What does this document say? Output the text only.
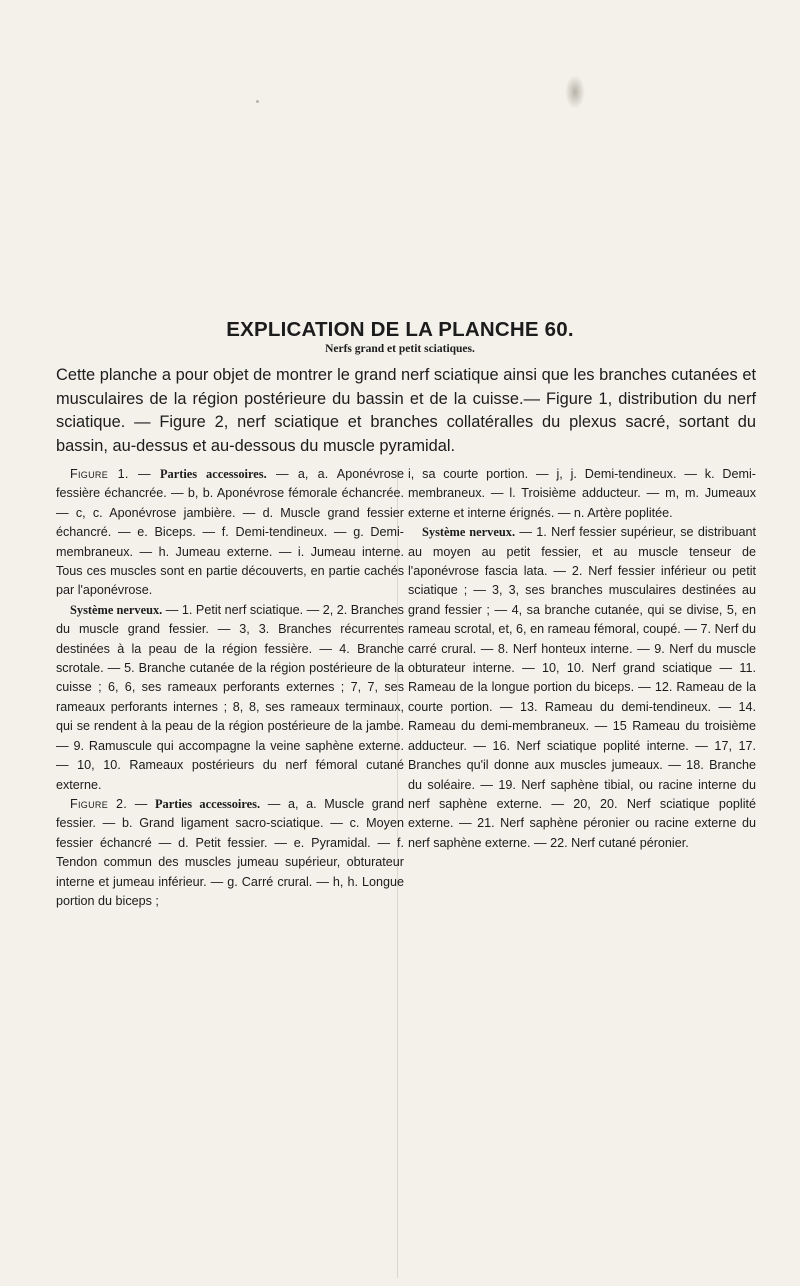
EXPLICATION DE LA PLANCHE 60.
Nerfs grand et petit sciatiques.

Cette planche a pour objet de montrer le grand nerf sciatique ainsi que les branches cutanées et musculaires de la région postérieure du bassin et de la cuisse.— Figure 1, distribution du nerf sciatique. — Figure 2, nerf sciatique et branches collatéralles du plexus sacré, sortant du bassin, au-dessus et au-dessous du muscle pyramidal.

Figure 1. — Parties accessoires. — a, a. Aponévrose fessière échancrée. — b, b. Aponévrose fémorale échancrée. — c, c. Aponévrose jambière. — d. Muscle grand fessier échancré. — e. Biceps. — f. Demi-tendineux. — g. Demi-membraneux. — h. Jumeau externe. — i. Jumeau interne. Tous ces muscles sont en partie découverts, en partie cachés par l'aponévrose.

Système nerveux. — 1. Petit nerf sciatique. — 2, 2. Branches du muscle grand fessier. — 3, 3. Branches récurrentes destinées à la peau de la région fessière. — 4. Branche scrotale. — 5. Branche cutanée de la région postérieure de la cuisse ; 6, 6, ses rameaux perforants externes ; 7, 7, ses rameaux perforants internes ; 8, 8, ses rameaux terminaux, qui se rendent à la peau de la région postérieure de la jambe. — 9. Ramuscule qui accompagne la veine saphène externe. — 10, 10. Rameaux postérieurs du nerf fémoral cutané externe.

Figure 2. — Parties accessoires. — a, a. Muscle grand fessier. — b. Grand ligament sacro-sciatique. — c. Moyen fessier échancré — d. Petit fessier. — e. Pyramidal. — f. Tendon commun des muscles jumeau supérieur, obturateur interne et jumeau inférieur. — g. Carré crural. — h, h. Longue portion du biceps ;

i, sa courte portion. — j, j. Demi-tendineux. — k. Demi-membraneux. — l. Troisième adducteur. — m, m. Jumeaux externe et interne érignés. — n. Artère poplitée.

Système nerveux. — 1. Nerf fessier supérieur, se distribuant au moyen au petit fessier, et au muscle tenseur de l'aponévrose fascia lata. — 2. Nerf fessier inférieur ou petit sciatique ; — 3, 3, ses branches musculaires destinées au grand fessier ; — 4, sa branche cutanée, qui se divise, 5, en rameau scrotal, et, 6, en rameau fémoral, coupé. — 7. Nerf du carré crural. — 8. Nerf honteux interne. — 9. Nerf du muscle obturateur interne. — 10, 10. Nerf grand sciatique — 11. Rameau de la longue portion du biceps. — 12. Rameau de la courte portion. — 13. Rameau du demi-tendineux. — 14. Rameau du demi-membraneux. — 15 Rameau du troisième adducteur. — 16. Nerf sciatique poplité interne. — 17, 17. Branches qu'il donne aux muscles jumeaux. — 18. Branche du soléaire. — 19. Nerf saphène tibial, ou racine interne du nerf saphène externe. — 20, 20. Nerf sciatique poplité externe. — 21. Nerf saphène péronier ou racine externe du nerf saphène externe. — 22. Nerf cutané péronier.
